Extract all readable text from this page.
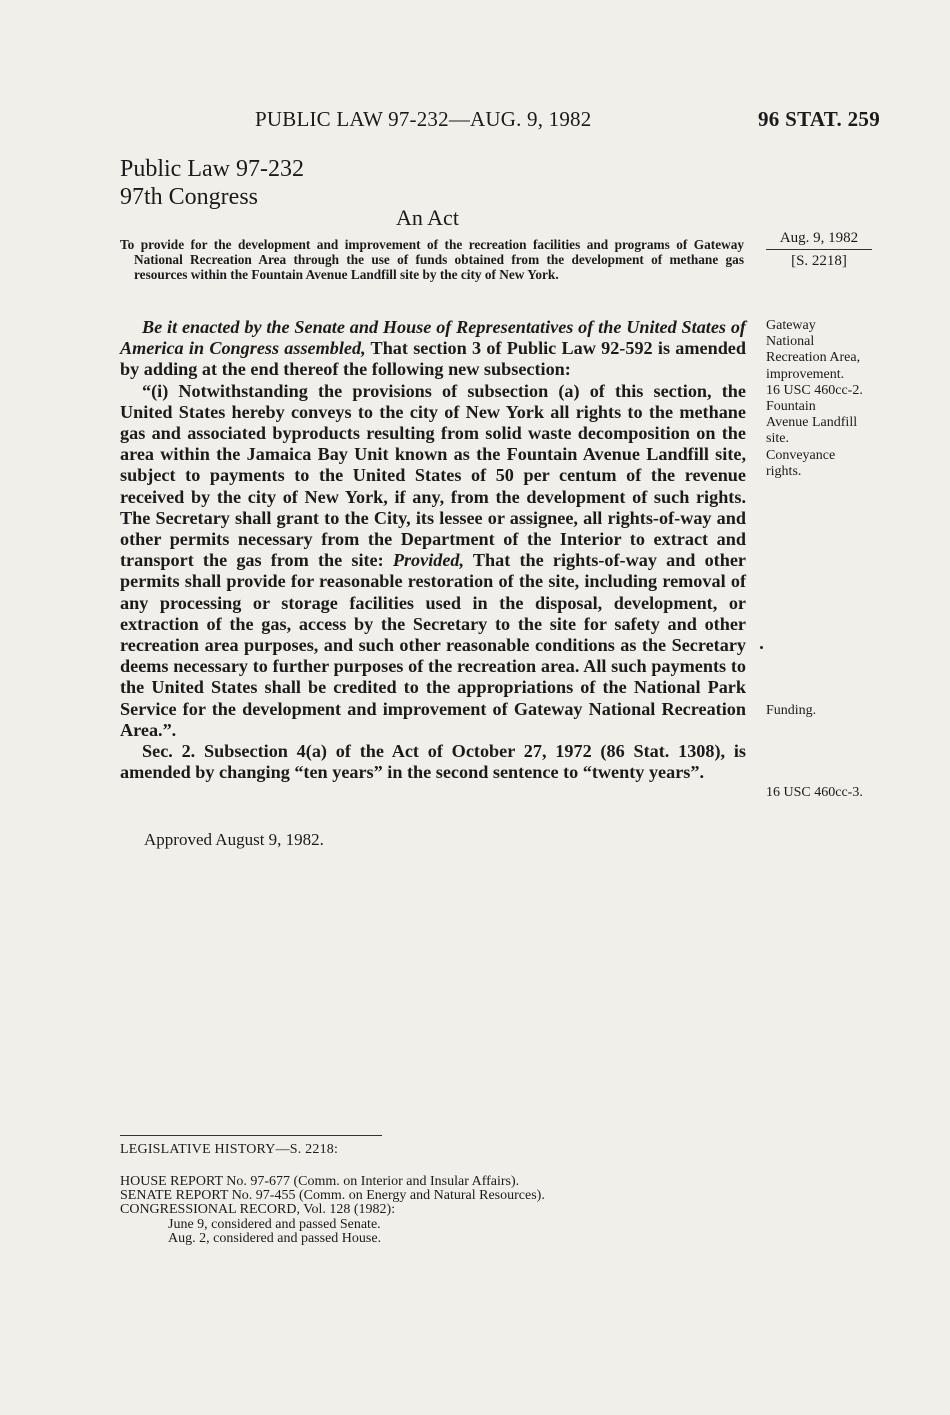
PUBLIC LAW 97-232—AUG. 9, 1982	96 STAT. 259
Public Law 97-232
97th Congress
An Act
To provide for the development and improvement of the recreation facilities and programs of Gateway National Recreation Area through the use of funds obtained from the development of methane gas resources within the Fountain Avenue Landfill site by the city of New York.
Aug. 9, 1982
[S. 2218]
Gateway
National
Recreation Area,
improvement.
16 USC 460cc-2.
Fountain
Avenue Landfill
site.
Conveyance
rights.

Be it enacted by the Senate and House of Representatives of the United States of America in Congress assembled, That section 3 of Public Law 92-592 is amended by adding at the end thereof the following new subsection:

“(i) Notwithstanding the provisions of subsection (a) of this section, the United States hereby conveys to the city of New York all rights to the methane gas and associated byproducts resulting from solid waste decomposition on the area within the Jamaica Bay Unit known as the Fountain Avenue Landfill site, subject to payments to the United States of 50 per centum of the revenue received by the city of New York, if any, from the development of such rights. The Secretary shall grant to the City, its lessee or assignee, all rights-of-way and other permits necessary from the Department of the Interior to extract and transport the gas from the site: Provided, That the rights-of-way and other permits shall provide for reasonable restoration of the site, including removal of any processing or storage facilities used in the disposal, development, or extraction of the gas, access by the Secretary to the site for safety and other recreation area purposes, and such other reasonable conditions as the Secretary deems necessary to further purposes of the recreation area. All such payments to the United States shall be credited to the appropriations of the National Park Service for the development and improvement of Gateway National Recreation Area.”.

Sec. 2. Subsection 4(a) of the Act of October 27, 1972 (86 Stat. 1308), is amended by changing “ten years” in the second sentence to “twenty years”.

Funding.
16 USC 460cc-3.
Approved August 9, 1982.
LEGISLATIVE HISTORY—S. 2218:
HOUSE REPORT No. 97-677 (Comm. on Interior and Insular Affairs).
SENATE REPORT No. 97-455 (Comm. on Energy and Natural Resources).
CONGRESSIONAL RECORD, Vol. 128 (1982):
June 9, considered and passed Senate.
Aug. 2, considered and passed House.
